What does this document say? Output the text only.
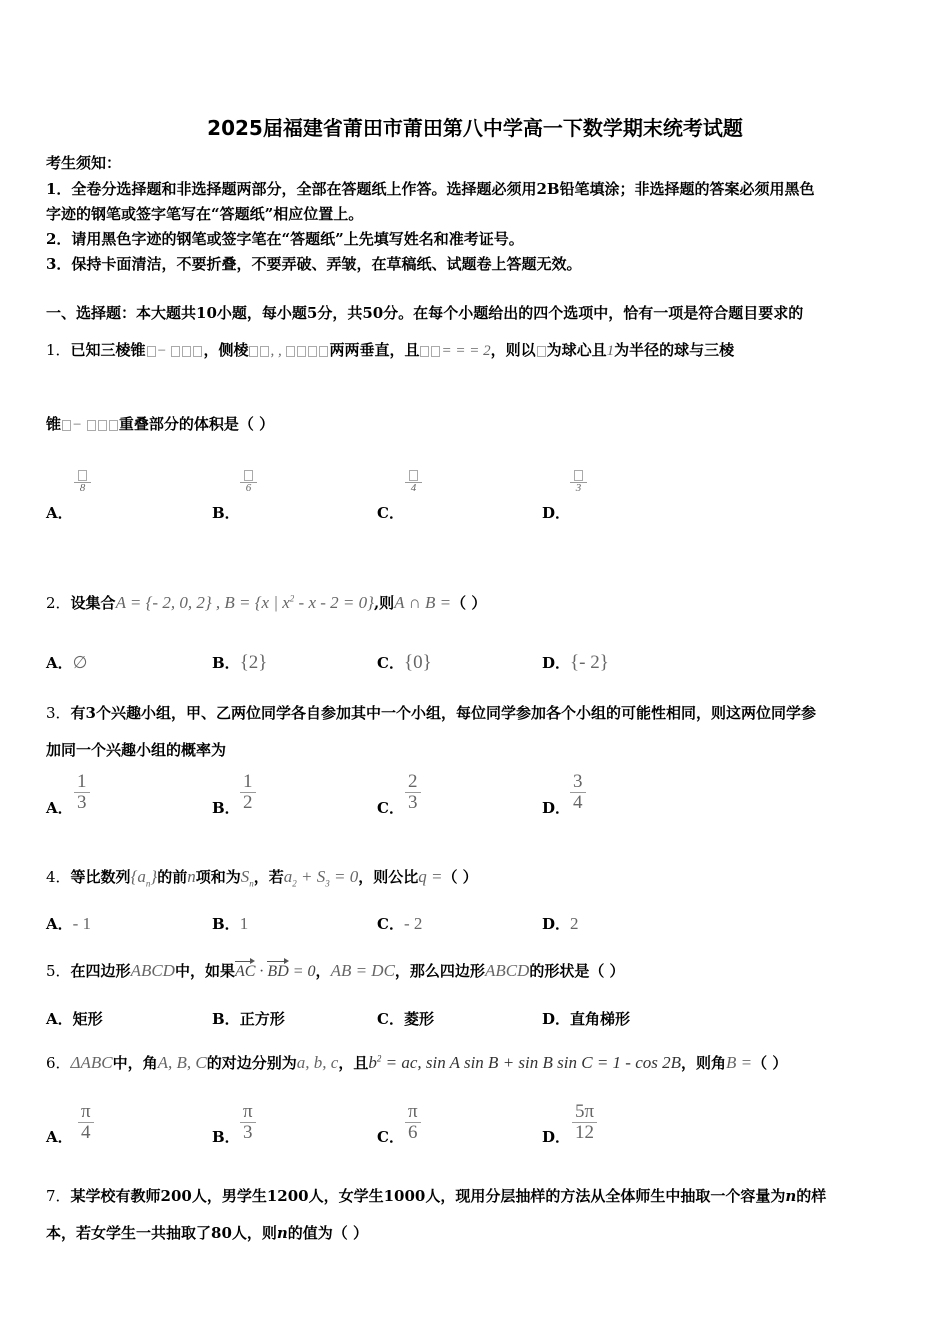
2025届福建省莆田市莆田第八中学高一下数学期末统考试题
考生须知：
1．全卷分选择题和非选择题两部分，全部在答题纸上作答。选择题必须用2B铅笔填涂；非选择题的答案必须用黑色
字迹的钢笔或签字笔写在“答题纸”相应位置上。
2．请用黑色字迹的钢笔或签字笔在“答题纸”上先填写姓名和准考证号。
3．保持卡面清洁，不要折叠，不要弄破、弄皱，在草稿纸、试题卷上答题无效。
一、选择题：本大题共10小题，每小题5分，共50分。在每个小题给出的四个选项中，恰有一项是符合题目要求的
1．已知三棱锥 − ，侧棱 , ,	两两垂直，且 = = = 2，则以 为球心且1为半径的球与三棱
锥 − 重叠部分的体积是（ ）
A．
8
B．
6
C．
4
D．
3
2．设集合A = {- 2, 0, 2} , B = {x | $x^2 - x - 2 = 0$},则A ∩ B =（ ）
A．∅	B．{2}	C．{0}	D．{- 2}
3．有3个兴趣小组，甲、乙两位同学各自参加其中一个小组，每位同学参加各个小组的可能性相同，则这两位同学参
加同一个兴趣小组的概率为
A． $\frac{1}{3}$	B． $\frac{1}{2}$	C． $\frac{2}{3}$	D． $\frac{3}{4}$
4．等比数列$\{a_n\}$的前n项和为$S_n$，若$a_2 + S_3 = 0$，则公比q =（ ）
A．- 1	B．1	C．- 2	D．2
5．在四边形ABCD中，如果AC · BD = 0，AB = DC，那么四边形ABCD的形状是（ ）
A．矩形	B．正方形	C．菱形	D．直角梯形
6．ΔABC中，角A, B, C的对边分别为a, b, c，且$b^2$ = ac, sin A sin B + sin B sin C = 1 - cos 2B，则角B =（ ）
A． $\frac{\pi}{4}$	B． $\frac{\pi}{3}$	C． $\frac{\pi}{6}$	D． $\frac{5\pi}{12}$
7．某学校有教师200人，男学生1200人，女学生1000人，现用分层抽样的方法从全体师生中抽取一个容量为n的样
本，若女学生一共抽取了80人，则n的值为（ ）
